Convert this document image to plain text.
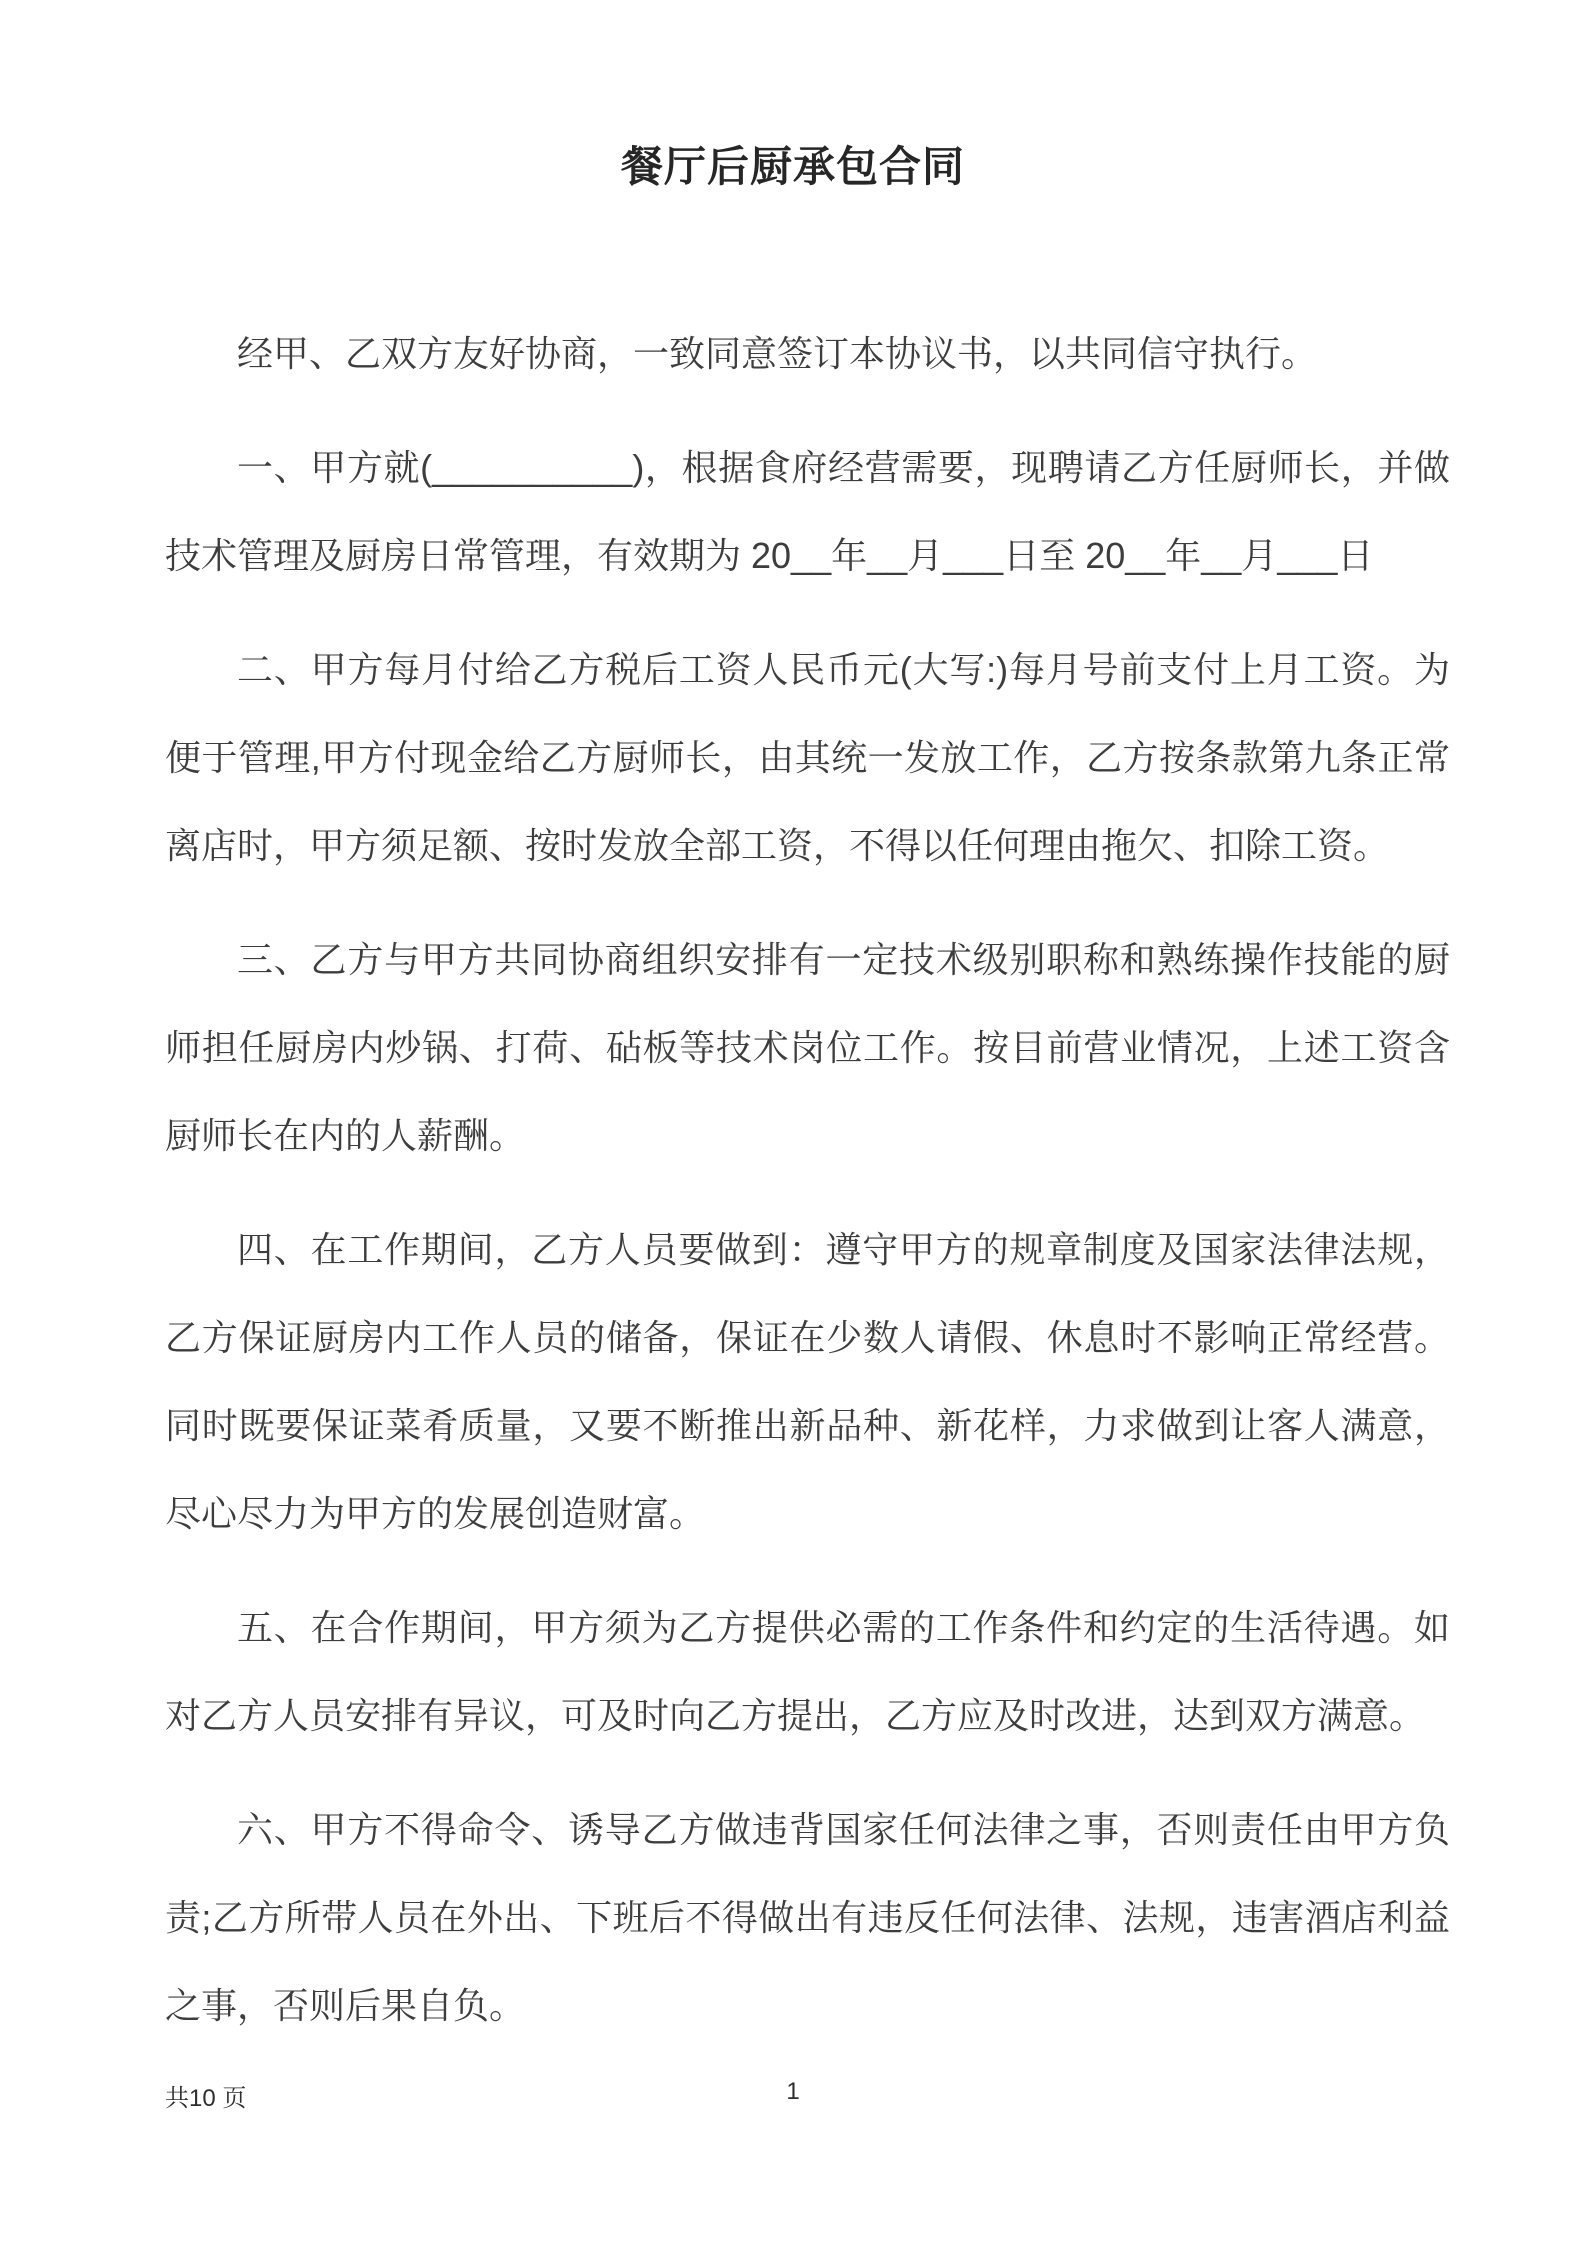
餐厅后厨承包合同

经甲、乙双方友好协商，一致同意签订本协议书，以共同信守执行。

一、甲方就(__________)，根据食府经营需要，现聘请乙方任厨师长，并做技术管理及厨房日常管理，有效期为 20__年__月___日至 20__年__月___日

二、甲方每月付给乙方税后工资人民币元(大写:)每月号前支付上月工资。为便于管理,甲方付现金给乙方厨师长，由其统一发放工作，乙方按条款第九条正常离店时，甲方须足额、按时发放全部工资，不得以任何理由拖欠、扣除工资。

三、乙方与甲方共同协商组织安排有一定技术级别职称和熟练操作技能的厨师担任厨房内炒锅、打荷、砧板等技术岗位工作。按目前营业情况，上述工资含厨师长在内的人薪酬。

四、在工作期间，乙方人员要做到：遵守甲方的规章制度及国家法律法规，乙方保证厨房内工作人员的储备，保证在少数人请假、休息时不影响正常经营。同时既要保证菜肴质量，又要不断推出新品种、新花样，力求做到让客人满意，尽心尽力为甲方的发展创造财富。

五、在合作期间，甲方须为乙方提供必需的工作条件和约定的生活待遇。如对乙方人员安排有异议，可及时向乙方提出，乙方应及时改进，达到双方满意。

六、甲方不得命令、诱导乙方做违背国家任何法律之事，否则责任由甲方负责;乙方所带人员在外出、下班后不得做出有违反任何法律、法规，违害酒店利益之事，否则后果自负。

共10 页	1
